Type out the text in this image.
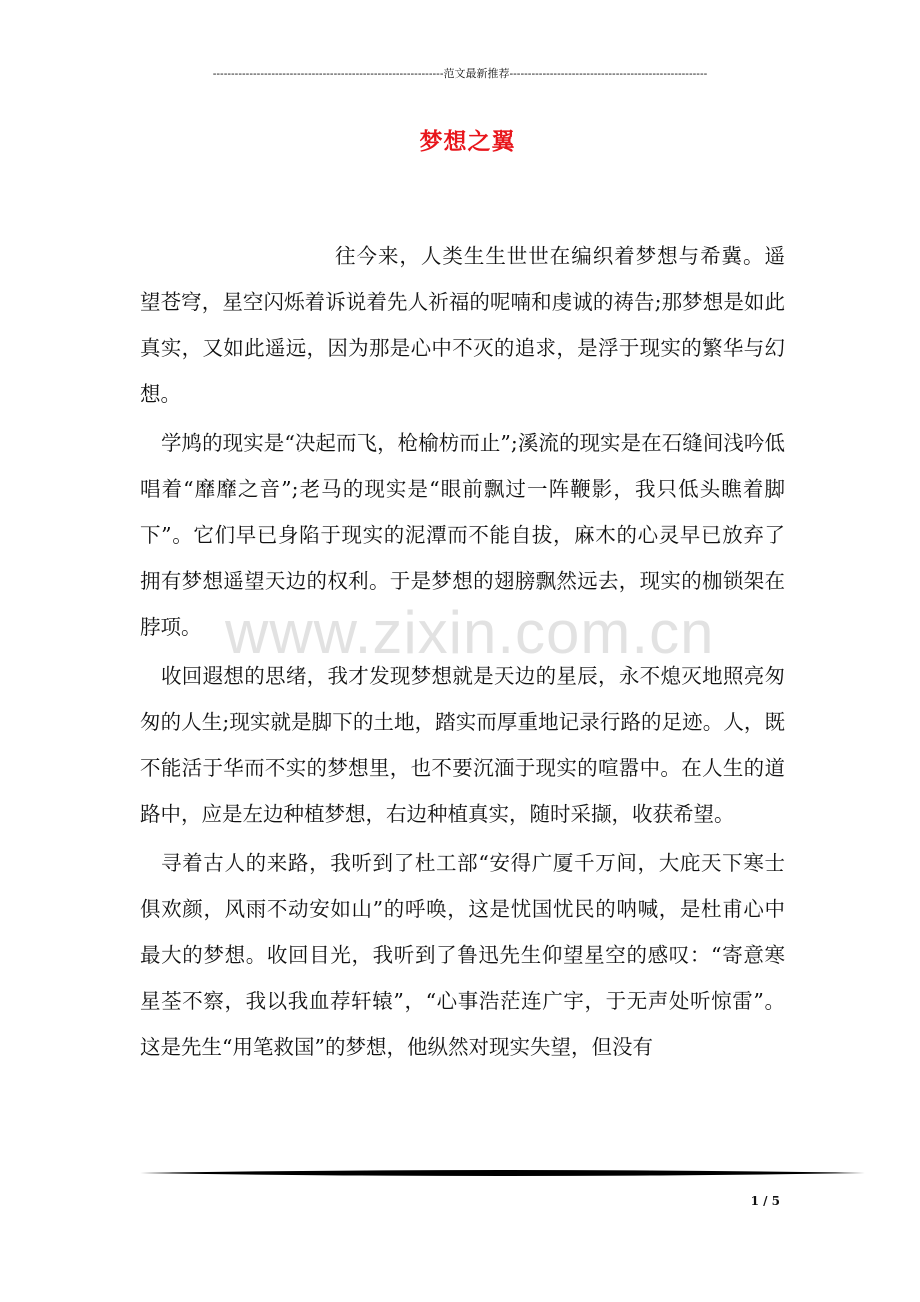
---------------------------------------------------------------范文最新推荐------------------------------------------------------
梦想之翼

往今来，人类生生世世在编织着梦想与希冀。遥望苍穹，星空闪烁着诉说着先人祈福的呢喃和虔诚的祷告;那梦想是如此真实，又如此遥远，因为那是心中不灭的追求，是浮于现实的繁华与幻想。

学鸠的现实是“决起而飞，枪榆枋而止”;溪流的现实是在石缝间浅吟低唱着“靡靡之音”;老马的现实是“眼前飘过一阵鞭影，我只低头瞧着脚下”。它们早已身陷于现实的泥潭而不能自拔，麻木的心灵早已放弃了拥有梦想遥望天边的权利。于是梦想的翅膀飘然远去，现实的枷锁架在脖项。

收回遐想的思绪，我才发现梦想就是天边的星辰，永不熄灭地照亮匆匆的人生;现实就是脚下的土地，踏实而厚重地记录行路的足迹。人，既不能活于华而不实的梦想里，也不要沉湎于现实的喧嚣中。在人生的道路中，应是左边种植梦想，右边种植真实，随时采撷，收获希望。

寻着古人的来路，我听到了杜工部“安得广厦千万间，大庇天下寒士俱欢颜，风雨不动安如山”的呼唤，这是忧国忧民的呐喊，是杜甫心中最大的梦想。收回目光，我听到了鲁迅先生仰望星空的感叹：“寄意寒星荃不察，我以我血荐轩辕”，“心事浩茫连广宇，于无声处听惊雷”。这是先生“用笔救国”的梦想，他纵然对现实失望，但没有

www.zixin.com.cn
1 / 5
